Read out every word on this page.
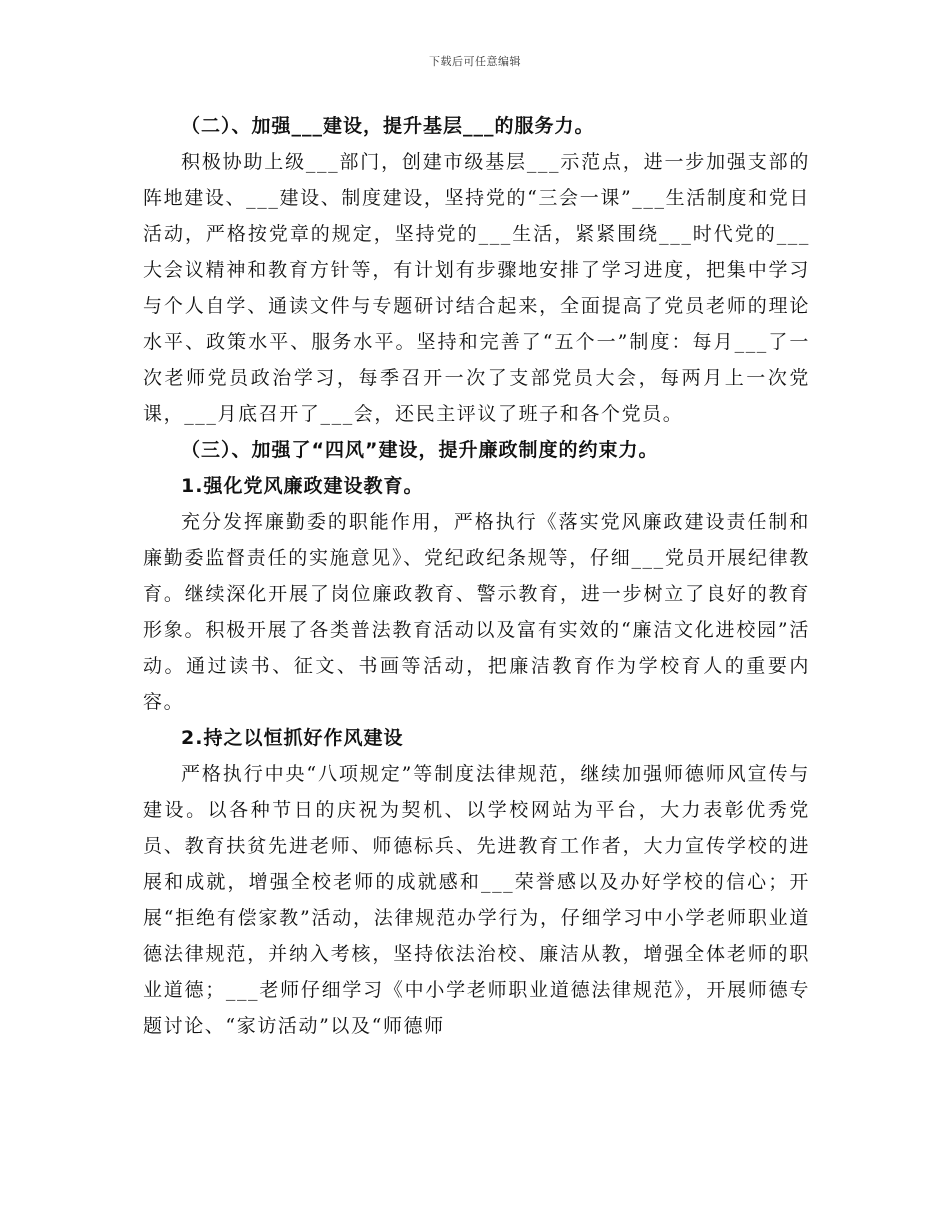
下载后可任意编辑

（二）、加强___建设，提升基层___的服务力。

积极协助上级___部门，创建市级基层___示范点，进一步加强支部的阵地建设、___建设、制度建设，坚持党的“三会一课”___生活制度和党日活动，严格按党章的规定，坚持党的___生活，紧紧围绕___时代党的___大会议精神和教育方针等，有计划有步骤地安排了学习进度，把集中学习与个人自学、通读文件与专题研讨结合起来，全面提高了党员老师的理论水平、政策水平、服务水平。坚持和完善了“五个一”制度：每月___了一次老师党员政治学习，每季召开一次了支部党员大会，每两月上一次党课，___月底召开了___会，还民主评议了班子和各个党员。

（三）、加强了“四风”建设，提升廉政制度的约束力。

1.强化党风廉政建设教育。

充分发挥廉勤委的职能作用，严格执行《落实党风廉政建设责任制和廉勤委监督责任的实施意见》、党纪政纪条规等，仔细___党员开展纪律教育。继续深化开展了岗位廉政教育、警示教育，进一步树立了良好的教育形象。积极开展了各类普法教育活动以及富有实效的“廉洁文化进校园”活动。通过读书、征文、书画等活动，把廉洁教育作为学校育人的重要内容。

2.持之以恒抓好作风建设

严格执行中央“八项规定”等制度法律规范，继续加强师德师风宣传与建设。以各种节日的庆祝为契机、以学校网站为平台，大力表彰优秀党员、教育扶贫先进老师、师德标兵、先进教育工作者，大力宣传学校的进展和成就，增强全校老师的成就感和___荣誉感以及办好学校的信心；开展“拒绝有偿家教”活动，法律规范办学行为，仔细学习中小学老师职业道德法律规范，并纳入考核，坚持依法治校、廉洁从教，增强全体老师的职业道德；___老师仔细学习《中小学老师职业道德法律规范》，开展师德专题讨论、“家访活动”以及“师德师
